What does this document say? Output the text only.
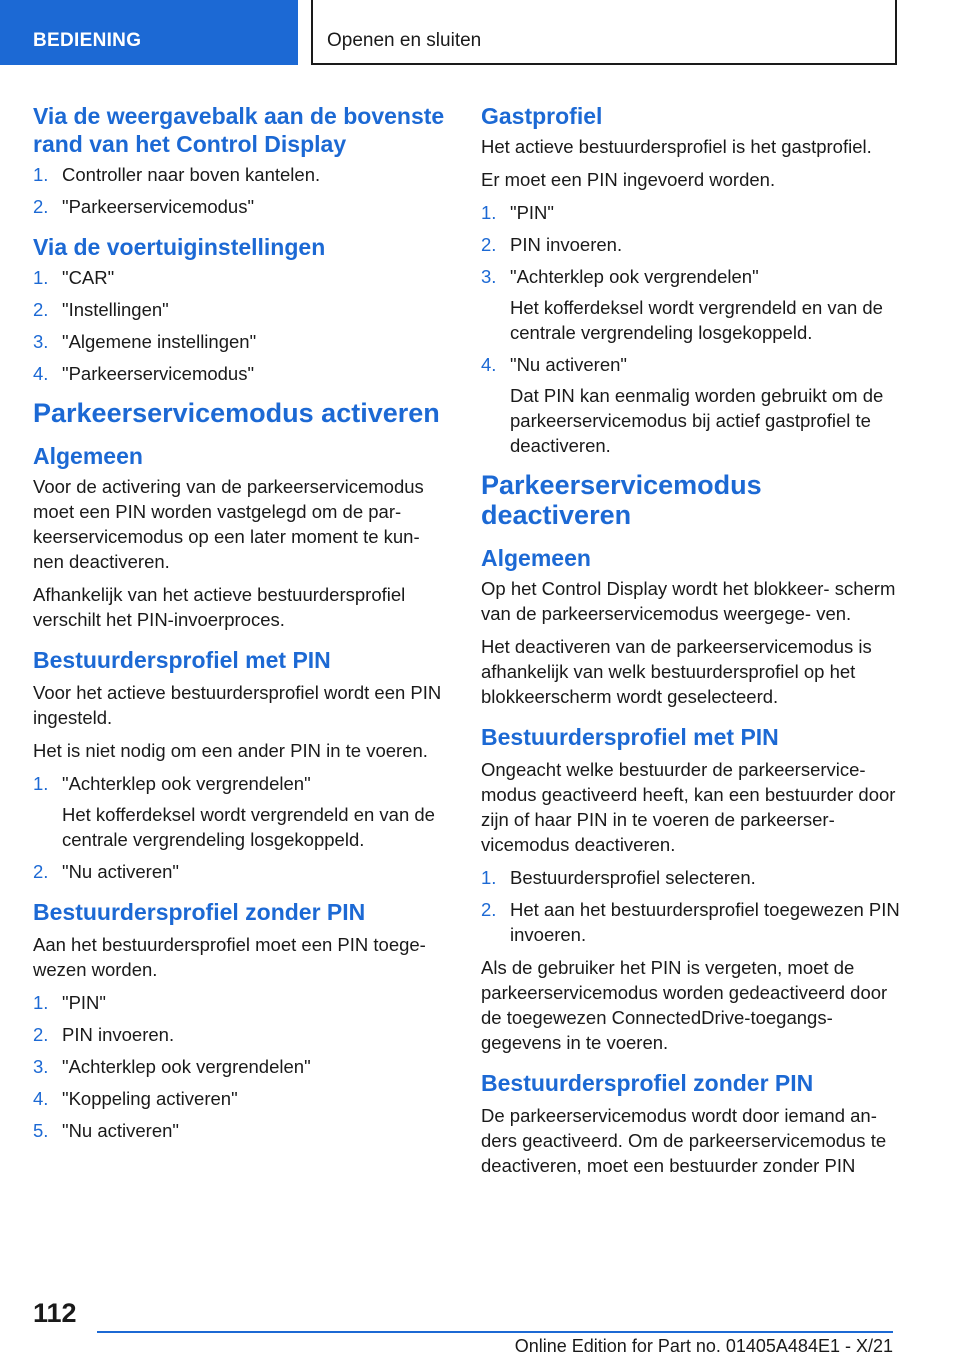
BEDIENING	Openen en sluiten
Via de weergavebalk aan de bovenste rand van het Control Display
1. Controller naar boven kantelen.
2. "Parkeerservicemodus"
Via de voertuiginstellingen
1. "CAR"
2. "Instellingen"
3. "Algemene instellingen"
4. "Parkeerservicemodus"
Parkeerservicemodus activeren
Algemeen

Voor de activering van de parkeerservicemodus moet een PIN worden vastgelegd om de par- keerservicemodus op een later moment te kun- nen deactiveren.

Afhankelijk van het actieve bestuurdersprofiel verschilt het PIN-invoerproces.

Bestuurdersprofiel met PIN

Voor het actieve bestuurdersprofiel wordt een PIN ingesteld.

Het is niet nodig om een ander PIN in te voeren.

1. "Achterklep ook vergrendelen"
Het kofferdeksel wordt vergrendeld en van de centrale vergrendeling losgekoppeld.
2. "Nu activeren"
Bestuurdersprofiel zonder PIN

Aan het bestuurdersprofiel moet een PIN toege- wezen worden.

1. "PIN"
2. PIN invoeren.
3. "Achterklep ook vergrendelen"
4. "Koppeling activeren"
5. "Nu activeren"
Gastprofiel

Het actieve bestuurdersprofiel is het gastprofiel.

Er moet een PIN ingevoerd worden.

1. "PIN"
2. PIN invoeren.
3. "Achterklep ook vergrendelen"
Het kofferdeksel wordt vergrendeld en van de centrale vergrendeling losgekoppeld.
4. "Nu activeren"
Dat PIN kan eenmalig worden gebruikt om de parkeerservicemodus bij actief gastprofiel te deactiveren.
Parkeerservicemodus deactiveren
Algemeen

Op het Control Display wordt het blokkeer- scherm van de parkeerservicemodus weergege- ven.

Het deactiveren van de parkeerservicemodus is afhankelijk van welk bestuurdersprofiel op het blokkeerscherm wordt geselecteerd.

Bestuurdersprofiel met PIN

Ongeacht welke bestuurder de parkeerservice- modus geactiveerd heeft, kan een bestuurder door zijn of haar PIN in te voeren de parkeerser- vicemodus deactiveren.

1. Bestuurdersprofiel selecteren.
2. Het aan het bestuurdersprofiel toegewezen PIN invoeren.

Als de gebruiker het PIN is vergeten, moet de parkeerservicemodus worden gedeactiveerd door de toegewezen ConnectedDrive-toegangs- gegevens in te voeren.

Bestuurdersprofiel zonder PIN

De parkeerservicemodus wordt door iemand an- ders geactiveerd. Om de parkeerservicemodus te deactiveren, moet een bestuurder zonder PIN

112
Online Edition for Part no. 01405A484E1 - X/21
